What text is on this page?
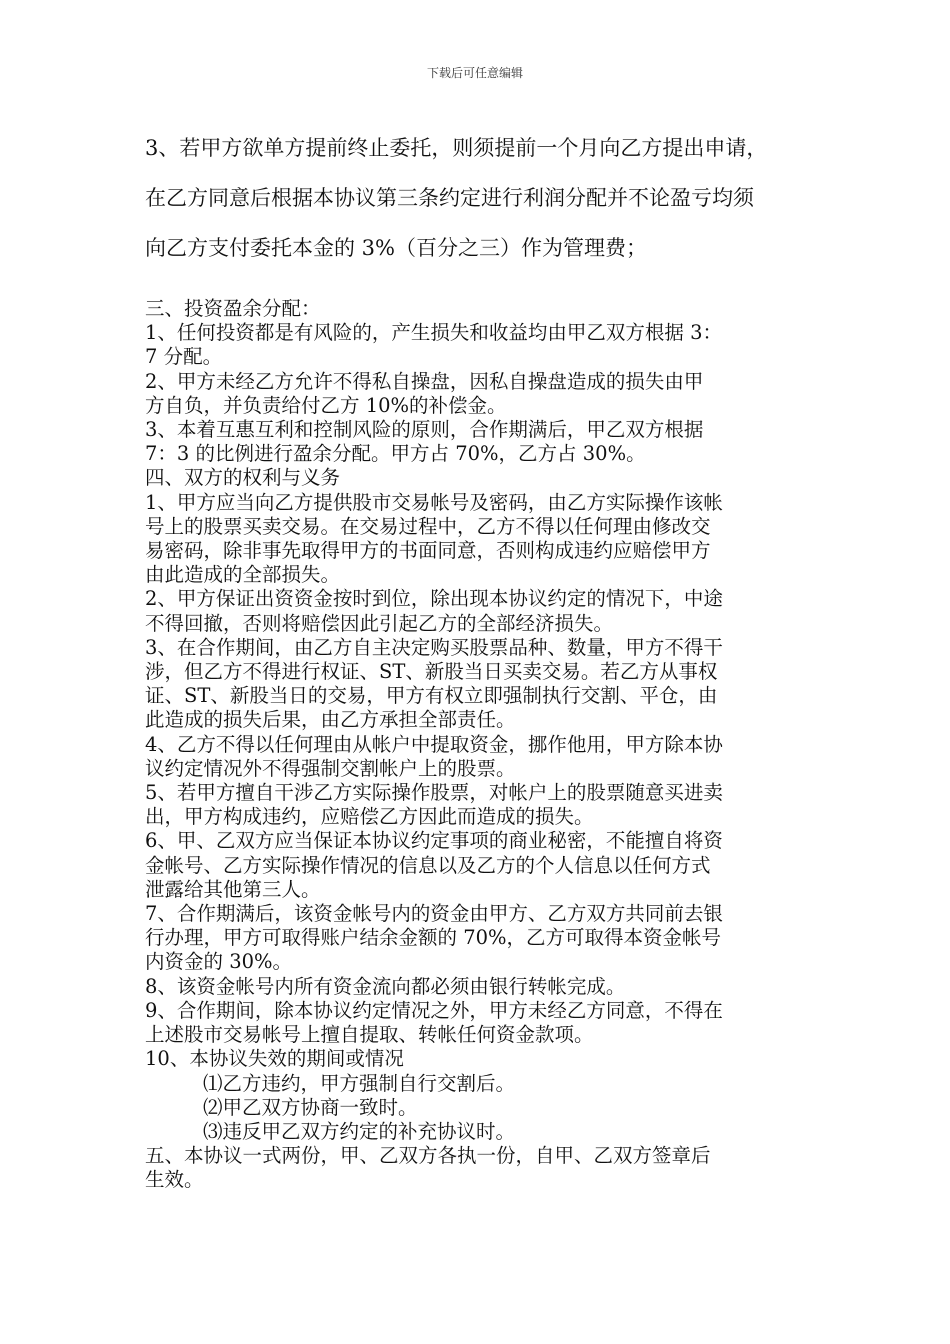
下载后可任意编辑

3、若甲方欲单方提前终止委托，则须提前一个月向乙方提出申请，

在乙方同意后根据本协议第三条约定进行利润分配并不论盈亏均须

向乙方支付委托本金的 3%（百分之三）作为管理费；

三、投资盈余分配：
1、任何投资都是有风险的，产生损失和收益均由甲乙双方根据 3：
7 分配。
2、甲方未经乙方允许不得私自操盘，因私自操盘造成的损失由甲
方自负，并负责给付乙方 10%的补偿金。
3、本着互惠互利和控制风险的原则，合作期满后，甲乙双方根据
7：3 的比例进行盈余分配。甲方占 70%，乙方占 30%。
四、双方的权利与义务
1、甲方应当向乙方提供股市交易帐号及密码，由乙方实际操作该帐
号上的股票买卖交易。在交易过程中，乙方不得以任何理由修改交
易密码，除非事先取得甲方的书面同意，否则构成违约应赔偿甲方
由此造成的全部损失。
2、甲方保证出资资金按时到位，除出现本协议约定的情况下，中途
不得回撤，否则将赔偿因此引起乙方的全部经济损失。
3、在合作期间，由乙方自主决定购买股票品种、数量，甲方不得干
涉，但乙方不得进行权证、ST、新股当日买卖交易。若乙方从事权
证、ST、新股当日的交易，甲方有权立即强制执行交割、平仓，由
此造成的损失后果，由乙方承担全部责任。
4、乙方不得以任何理由从帐户中提取资金，挪作他用，甲方除本协
议约定情况外不得强制交割帐户上的股票。
5、若甲方擅自干涉乙方实际操作股票，对帐户上的股票随意买进卖
出，甲方构成违约，应赔偿乙方因此而造成的损失。
6、甲、乙双方应当保证本协议约定事项的商业秘密，不能擅自将资
金帐号、乙方实际操作情况的信息以及乙方的个人信息以任何方式
泄露给其他第三人。
7、合作期满后，该资金帐号内的资金由甲方、乙方双方共同前去银
行办理，甲方可取得账户结余金额的 70%，乙方可取得本资金帐号
内资金的 30%。
8、该资金帐号内所有资金流向都必须由银行转帐完成。
9、合作期间，除本协议约定情况之外，甲方未经乙方同意，不得在
上述股市交易帐号上擅自提取、转帐任何资金款项。
10、本协议失效的期间或情况
⑴乙方违约，甲方强制自行交割后。
⑵甲乙双方协商一致时。
⑶违反甲乙双方约定的补充协议时。
五、本协议一式两份，甲、乙双方各执一份，自甲、乙双方签章后
生效。
